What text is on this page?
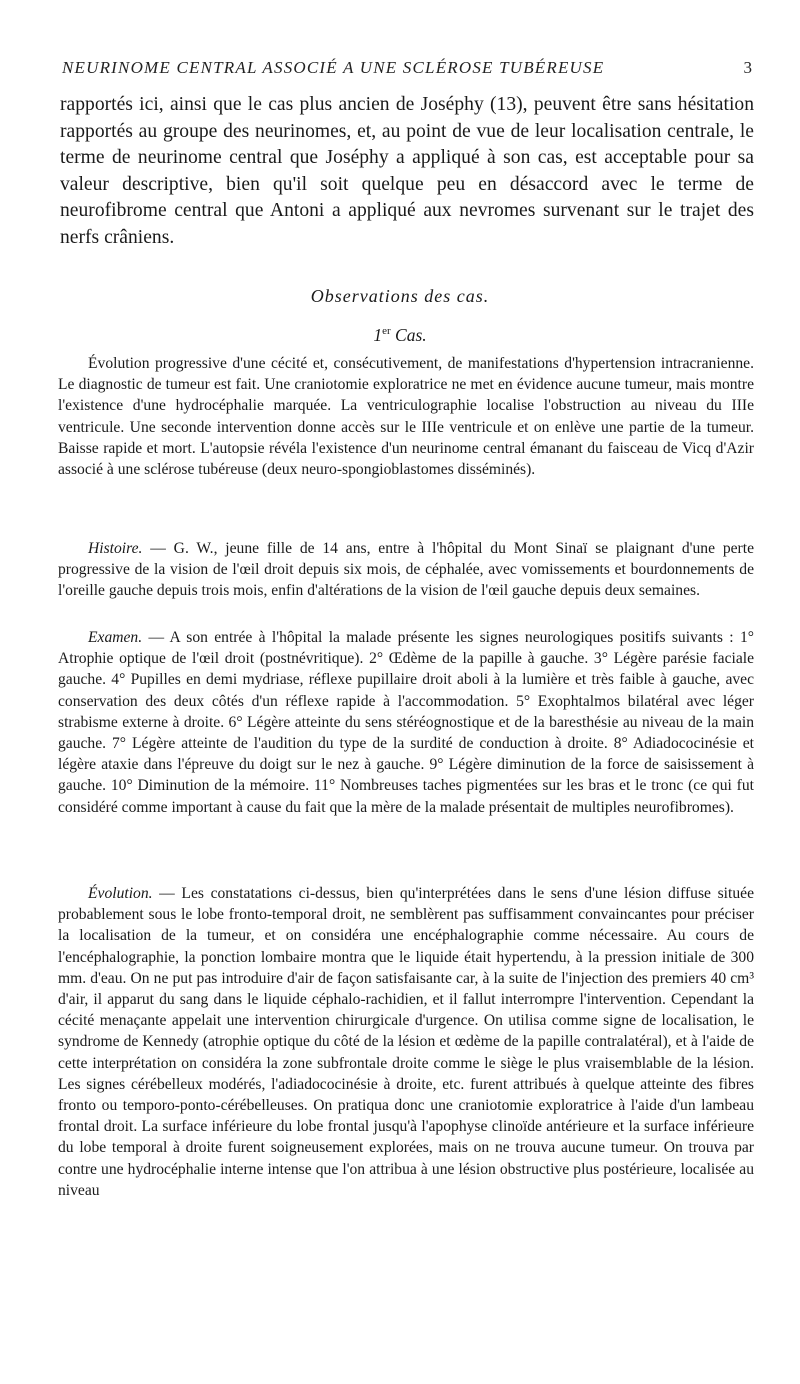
NEURINOME CENTRAL ASSOCIÉ A UNE SCLÉROSE TUBÉREUSE	3

rapportés ici, ainsi que le cas plus ancien de Joséphy (13), peuvent être sans hésitation rapportés au groupe des neurinomes, et, au point de vue de leur localisation centrale, le terme de neurinome central que Joséphy a appliqué à son cas, est acceptable pour sa valeur descriptive, bien qu'il soit quelque peu en désaccord avec le terme de neurofibrome central que Antoni a appliqué aux nevromes survenant sur le trajet des nerfs crâniens.

Observations des cas.

1er Cas.

Évolution progressive d'une cécité et, consécutivement, de manifestations d'hypertension intracranienne. Le diagnostic de tumeur est fait. Une craniotomie exploratrice ne met en évidence aucune tumeur, mais montre l'existence d'une hydrocéphalie marquée. La ventriculographie localise l'obstruction au niveau du IIIe ventricule. Une seconde intervention donne accès sur le IIIe ventricule et on enlève une partie de la tumeur. Baisse rapide et mort. L'autopsie révéla l'existence d'un neurinome central émanant du faisceau de Vicq d'Azir associé à une sclérose tubéreuse (deux neuro-spongioblastomes disséminés).

Histoire. — G. W., jeune fille de 14 ans, entre à l'hôpital du Mont Sinaï se plaignant d'une perte progressive de la vision de l'œil droit depuis six mois, de céphalée, avec vomissements et bourdonnements de l'oreille gauche depuis trois mois, enfin d'altérations de la vision de l'œil gauche depuis deux semaines.

Examen. — A son entrée à l'hôpital la malade présente les signes neurologiques positifs suivants : 1° Atrophie optique de l'œil droit (postnévritique). 2° Œdème de la papille à gauche. 3° Légère parésie faciale gauche. 4° Pupilles en demi mydriase, réflexe pupillaire droit aboli à la lumière et très faible à gauche, avec conservation des deux côtés d'un réflexe rapide à l'accommodation. 5° Exophtalmos bilatéral avec léger strabisme externe à droite. 6° Légère atteinte du sens stéréognostique et de la baresthésie au niveau de la main gauche. 7° Légère atteinte de l'audition du type de la surdité de conduction à droite. 8° Adiadococinésie et légère ataxie dans l'épreuve du doigt sur le nez à gauche. 9° Légère diminution de la force de saisissement à gauche. 10° Diminution de la mémoire. 11° Nombreuses taches pigmentées sur les bras et le tronc (ce qui fut considéré comme important à cause du fait que la mère de la malade présentait de multiples neurofibromes).

Évolution. — Les constatations ci-dessus, bien qu'interprétées dans le sens d'une lésion diffuse située probablement sous le lobe fronto-temporal droit, ne semblèrent pas suffisamment convaincantes pour préciser la localisation de la tumeur, et on considéra une encéphalographie comme nécessaire. Au cours de l'encéphalographie, la ponction lombaire montra que le liquide était hypertendu, à la pression initiale de 300 mm. d'eau. On ne put pas introduire d'air de façon satisfaisante car, à la suite de l'injection des premiers 40 cm³ d'air, il apparut du sang dans le liquide céphalo-rachidien, et il fallut interrompre l'intervention. Cependant la cécité menaçante appelait une intervention chirurgicale d'urgence. On utilisa comme signe de localisation, le syndrome de Kennedy (atrophie optique du côté de la lésion et œdème de la papille contralatéral), et à l'aide de cette interprétation on considéra la zone subfrontale droite comme le siège le plus vraisemblable de la lésion. Les signes cérébelleux modérés, l'adiadococinésie à droite, etc. furent attribués à quelque atteinte des fibres fronto ou temporo-ponto-cérébelleuses. On pratiqua donc une craniotomie exploratrice à l'aide d'un lambeau frontal droit. La surface inférieure du lobe frontal jusqu'à l'apophyse clinoïde antérieure et la surface inférieure du lobe temporal à droite furent soigneusement explorées, mais on ne trouva aucune tumeur. On trouva par contre une hydrocéphalie interne intense que l'on attribua à une lésion obstructive plus postérieure, localisée au niveau
